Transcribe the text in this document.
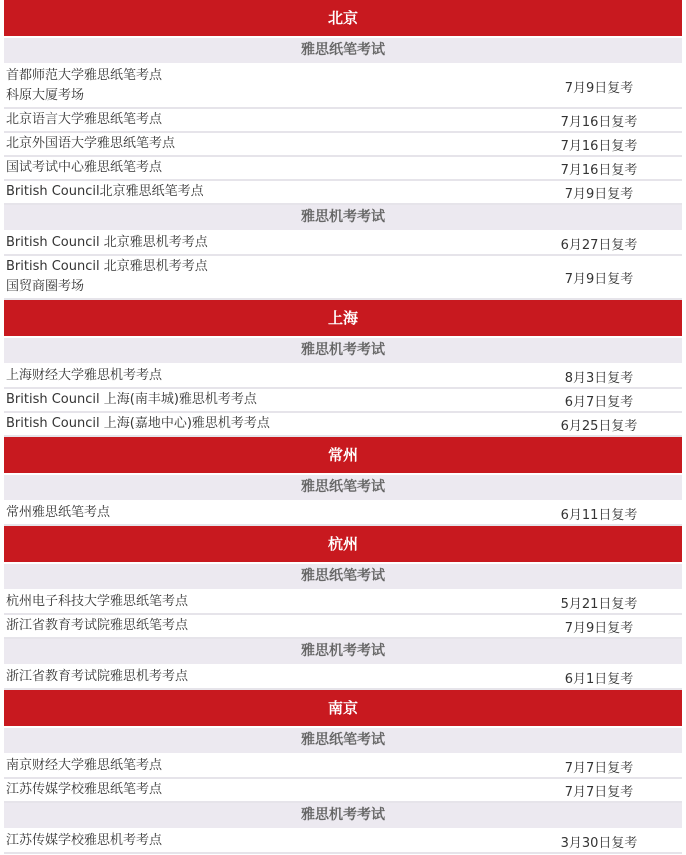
北京
雅思纸笔考试
首都师范大学雅思纸笔考点
科原大厦考场	7月9日复考
北京语言大学雅思纸笔考点	7月16日复考
北京外国语大学雅思纸笔考点	7月16日复考
国试考试中心雅思纸笔考点	7月16日复考
British Council北京雅思纸笔考点	7月9日复考
雅思机考考试
British Council 北京雅思机考考点	6月27日复考
British Council 北京雅思机考考点
国贸商圈考场	7月9日复考
上海
雅思机考考试
上海财经大学雅思机考考点	8月3日复考
British Council 上海(南丰城)雅思机考考点	6月7日复考
British Council 上海(嘉地中心)雅思机考考点	6月25日复考
常州
雅思纸笔考试
常州雅思纸笔考点	6月11日复考
杭州
雅思纸笔考试
杭州电子科技大学雅思纸笔考点	5月21日复考
浙江省教育考试院雅思纸笔考点	7月9日复考
雅思机考考试
浙江省教育考试院雅思机考考点	6月1日复考
南京
雅思纸笔考试
南京财经大学雅思纸笔考点	7月7日复考
江苏传媒学校雅思纸笔考点	7月7日复考
雅思机考考试
江苏传媒学校雅思机考考点	3月30日复考
